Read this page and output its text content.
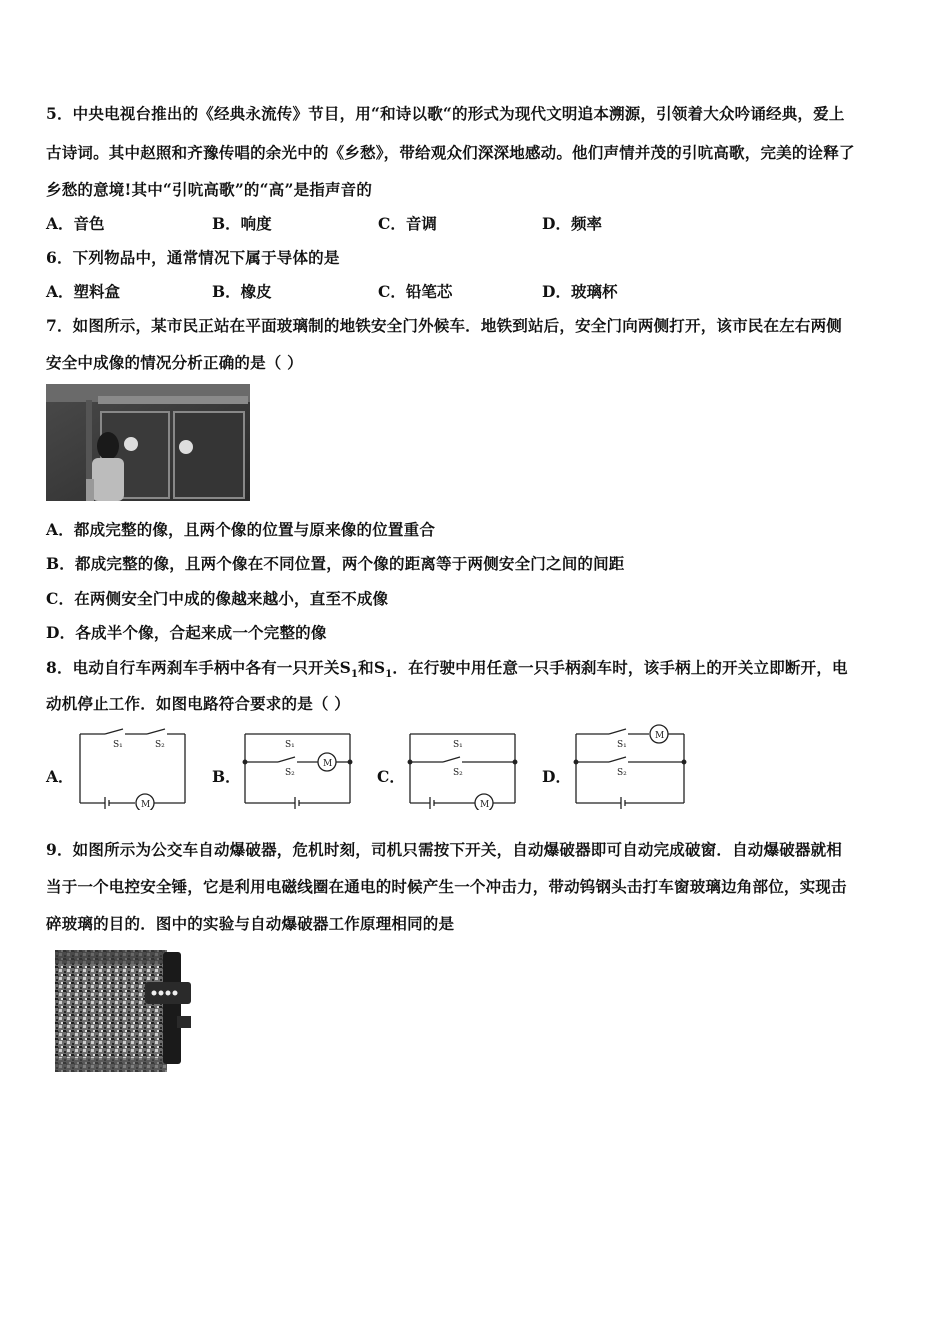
5．中央电视台推出的《经典永流传》节目，用“和诗以歌“的形式为现代文明追本溯源，引领着大众吟诵经典，爱上
古诗词。其中赵照和齐豫传唱的余光中的《乡愁》，带给观众们深深地感动。他们声情并茂的引吭高歌，完美的诠释了
乡愁的意境!其中“引吭高歌”的“高”是指声音的
A．音色	B．响度	C．音调	D．频率
6．下列物品中，通常情况下属于导体的是
A．塑料盒	B．橡皮	C．铅笔芯	D．玻璃杯
7．如图所示，某市民正站在平面玻璃制的地铁安全门外候车．地铁到站后，安全门向两侧打开，该市民在左右两侧
安全中成像的情况分析正确的是（ ）
A．都成完整的像，且两个像的位置与原来像的位置重合
B．都成完整的像，且两个像在不同位置，两个像的距离等于两侧安全门之间的间距
C．在两侧安全门中成的像越来越小，直至不成像
D．各成半个像，合起来成一个完整的像
8．电动自行车两刹车手柄中各有一只开关$S_1$和$S_1$．在行驶中用任意一只手柄刹车时，该手柄上的开关立即断开，电
动机停止工作．如图电路符合要求的是（ ）
A．	B．	C．	D．
S₁	S₂
M
S₁
S₂
M
S₁
S₂
M
S₁
S₂
M
9．如图所示为公交车自动爆破器，危机时刻，司机只需按下开关，自动爆破器即可自动完成破窗．自动爆破器就相
当于一个电控安全锤，它是利用电磁线圈在通电的时候产生一个冲击力，带动钨钢头击打车窗玻璃边角部位，实现击
碎玻璃的目的．图中的实验与自动爆破器工作原理相同的是
